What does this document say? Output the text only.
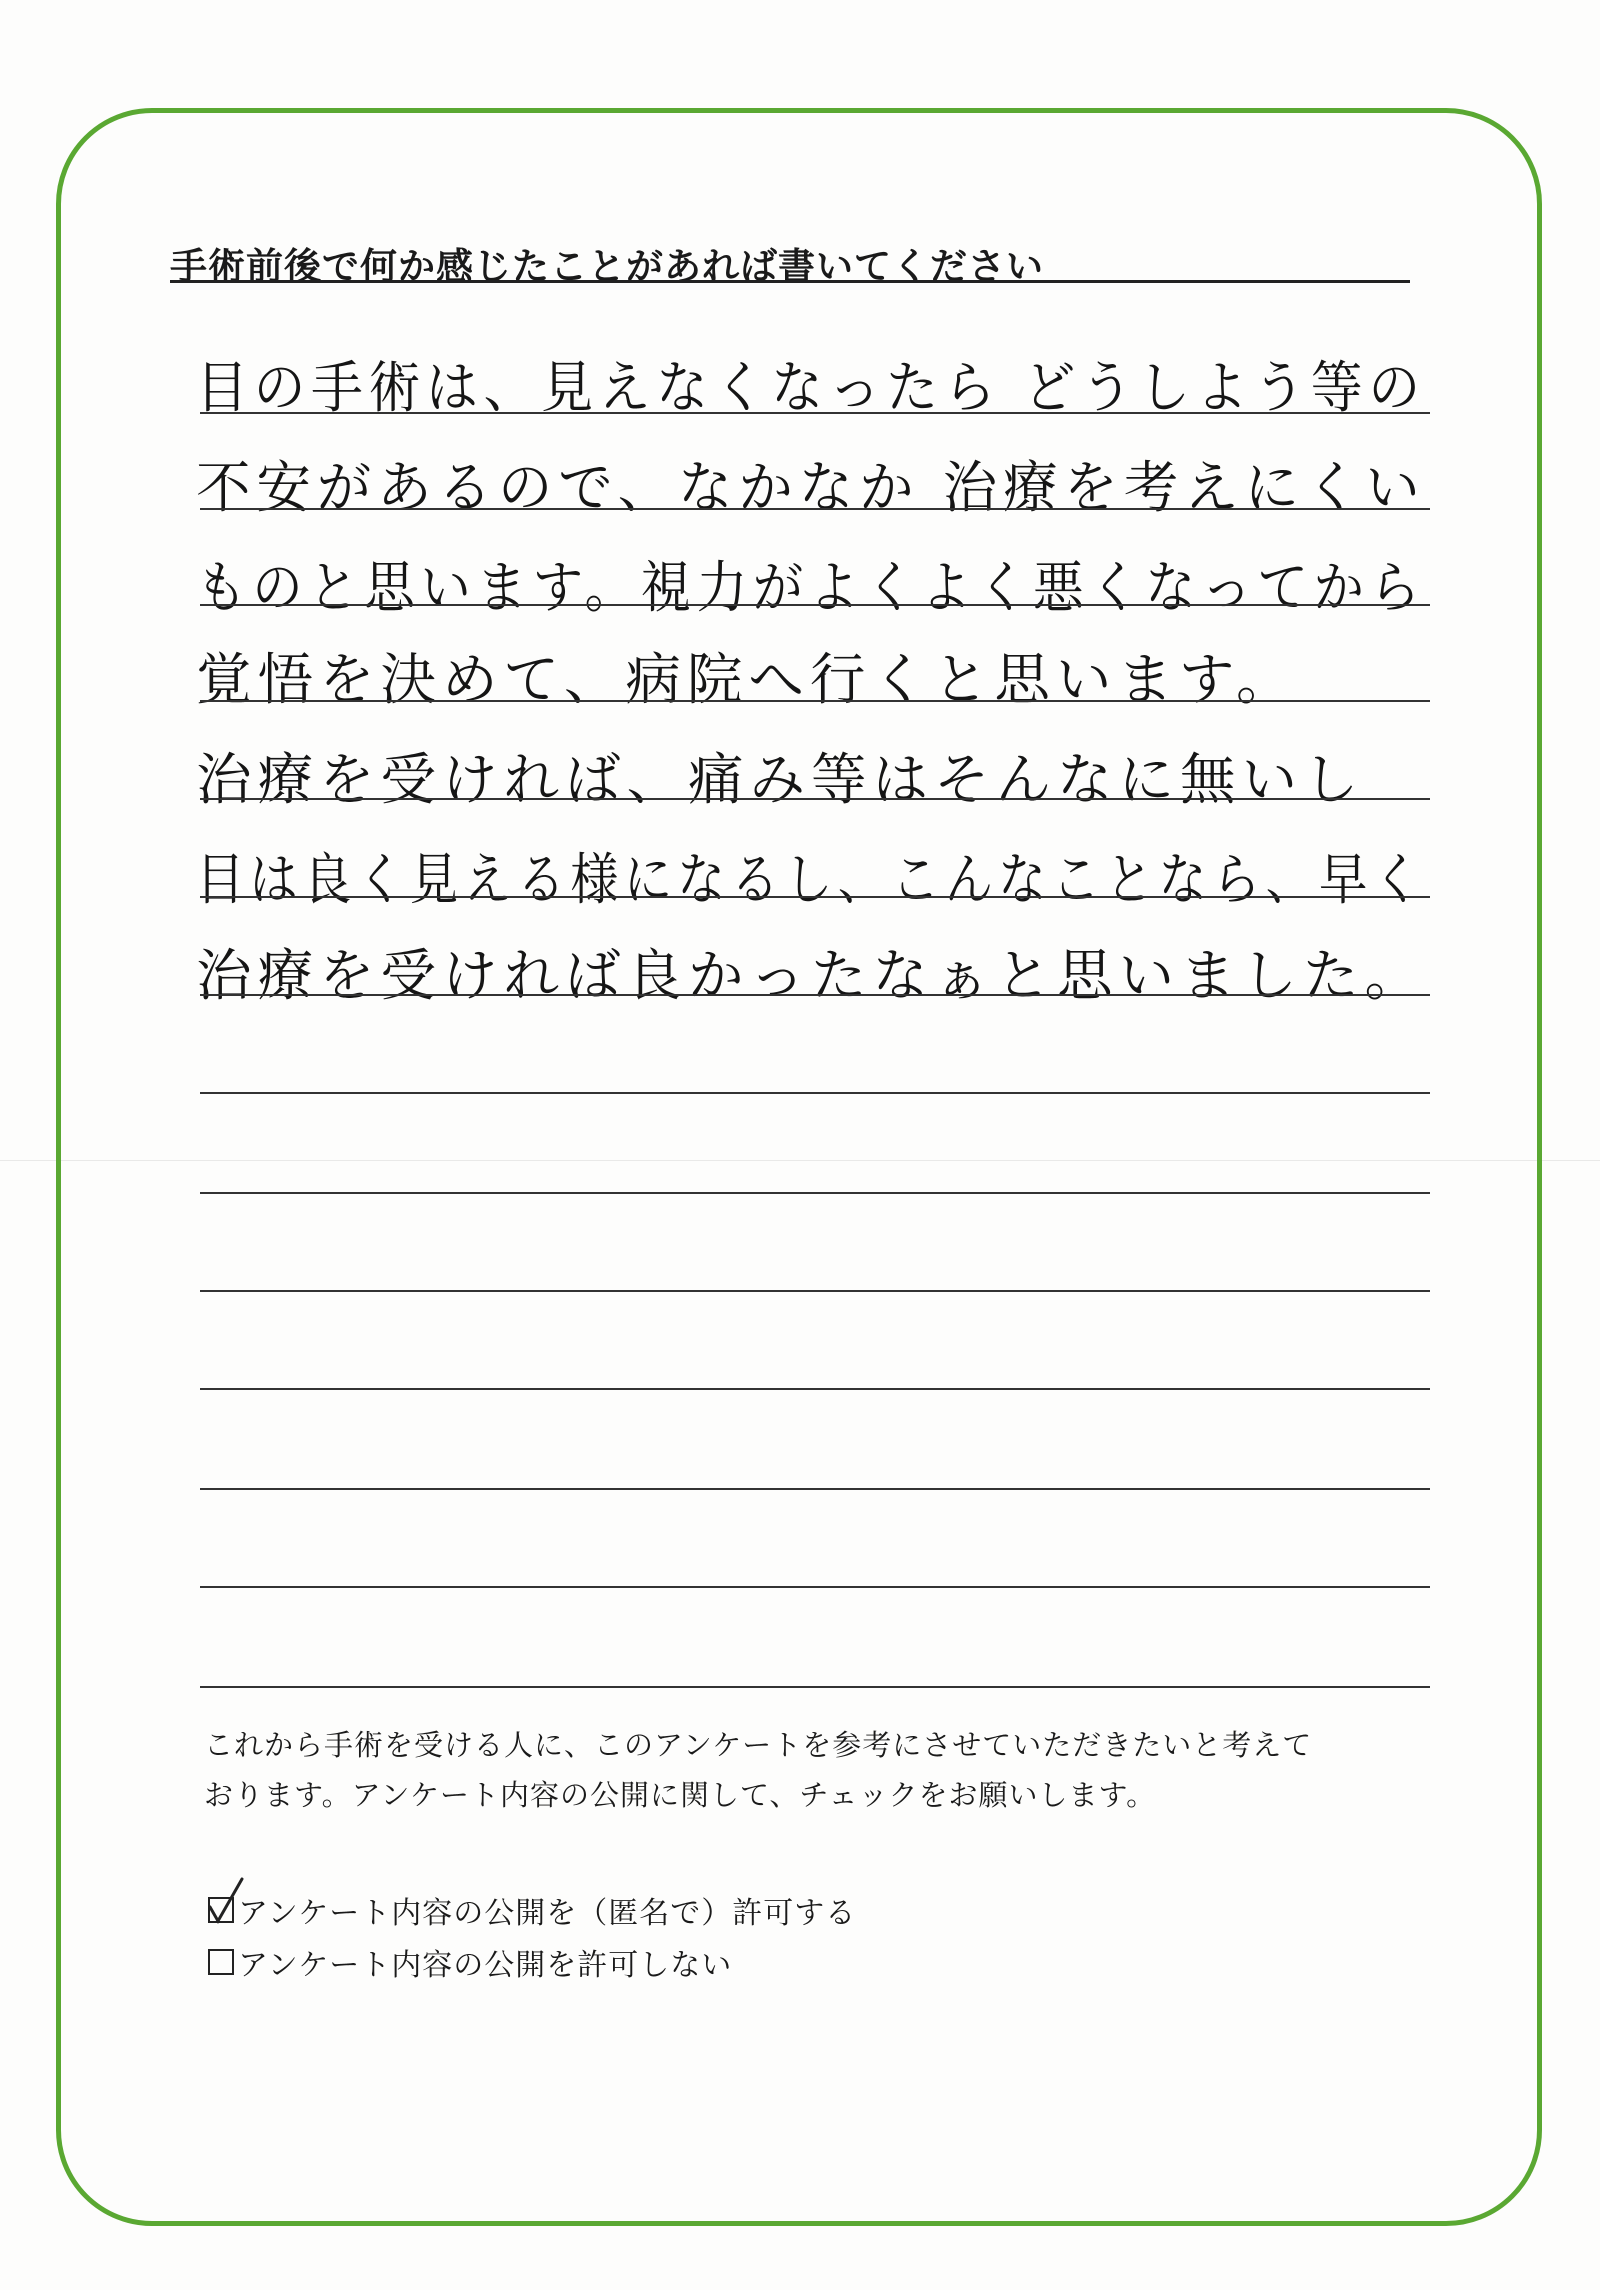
手術前後で何か感じたことがあれば書いてください
目の手術は、見えなくなったら どうしよう等の
不安があるので、なかなか 治療を考えにくい
ものと思います。視力がよくよく悪くなってから
覚悟を決めて、病院へ行くと思います。
治療を受ければ、痛み等はそんなに無いし
目は良く見える様になるし、こんなことなら、早く
治療を受ければ良かったなぁと思いました。
これから手術を受ける人に、このアンケートを参考にさせていただきたいと考えて
おります。アンケート内容の公開に関して、チェックをお願いします。
アンケート内容の公開を（匿名で）許可する
アンケート内容の公開を許可しない
